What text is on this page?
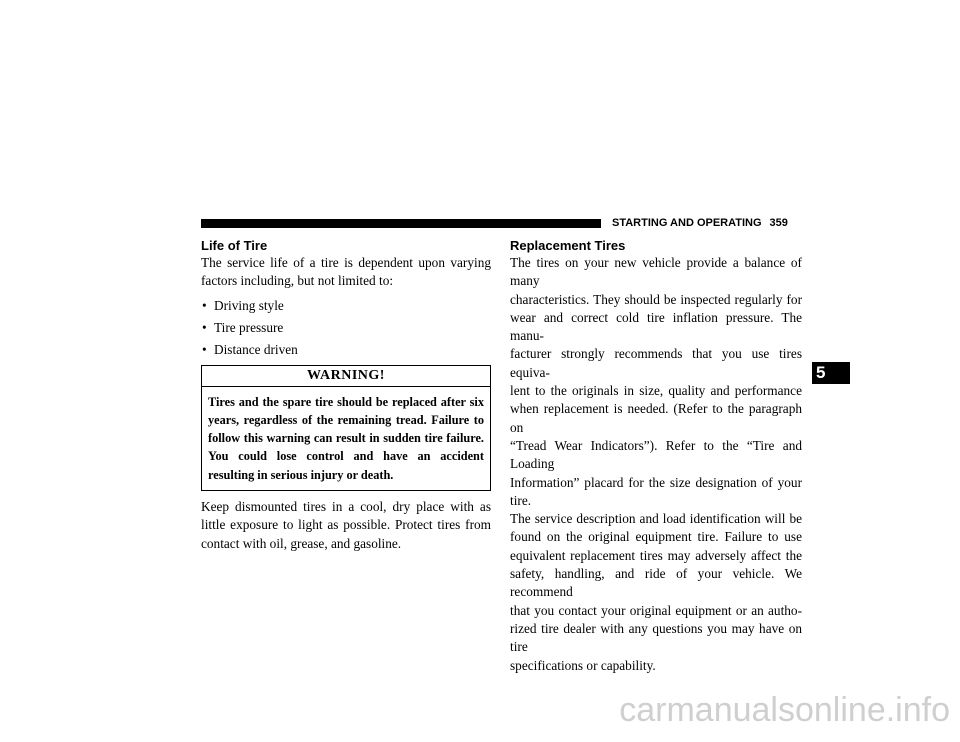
STARTING AND OPERATING 359
Life of Tire
The service life of a tire is dependent upon varying
factors including, but not limited to:
• Driving style
• Tire pressure
• Distance driven
WARNING!
Tires and the spare tire should be replaced after six years, regardless of the remaining tread. Failure to follow this warning can result in sudden tire failure. You could lose control and have an accident resulting in serious injury or death.

Keep dismounted tires in a cool, dry place with as little exposure to light as possible. Protect tires from contact with oil, grease, and gasoline.

Replacement Tires
The tires on your new vehicle provide a balance of many
characteristics. They should be inspected regularly for
wear and correct cold tire inflation pressure. The manu-
facturer strongly recommends that you use tires equiva-
lent to the originals in size, quality and performance
when replacement is needed. (Refer to the paragraph on
“Tread Wear Indicators”). Refer to the “Tire and Loading
Information” placard for the size designation of your tire.
The service description and load identification will be
found on the original equipment tire. Failure to use
equivalent replacement tires may adversely affect the
safety, handling, and ride of your vehicle. We recommend
that you contact your original equipment or an autho-
rized tire dealer with any questions you may have on tire
specifications or capability.
5
carmanualsonline.info
